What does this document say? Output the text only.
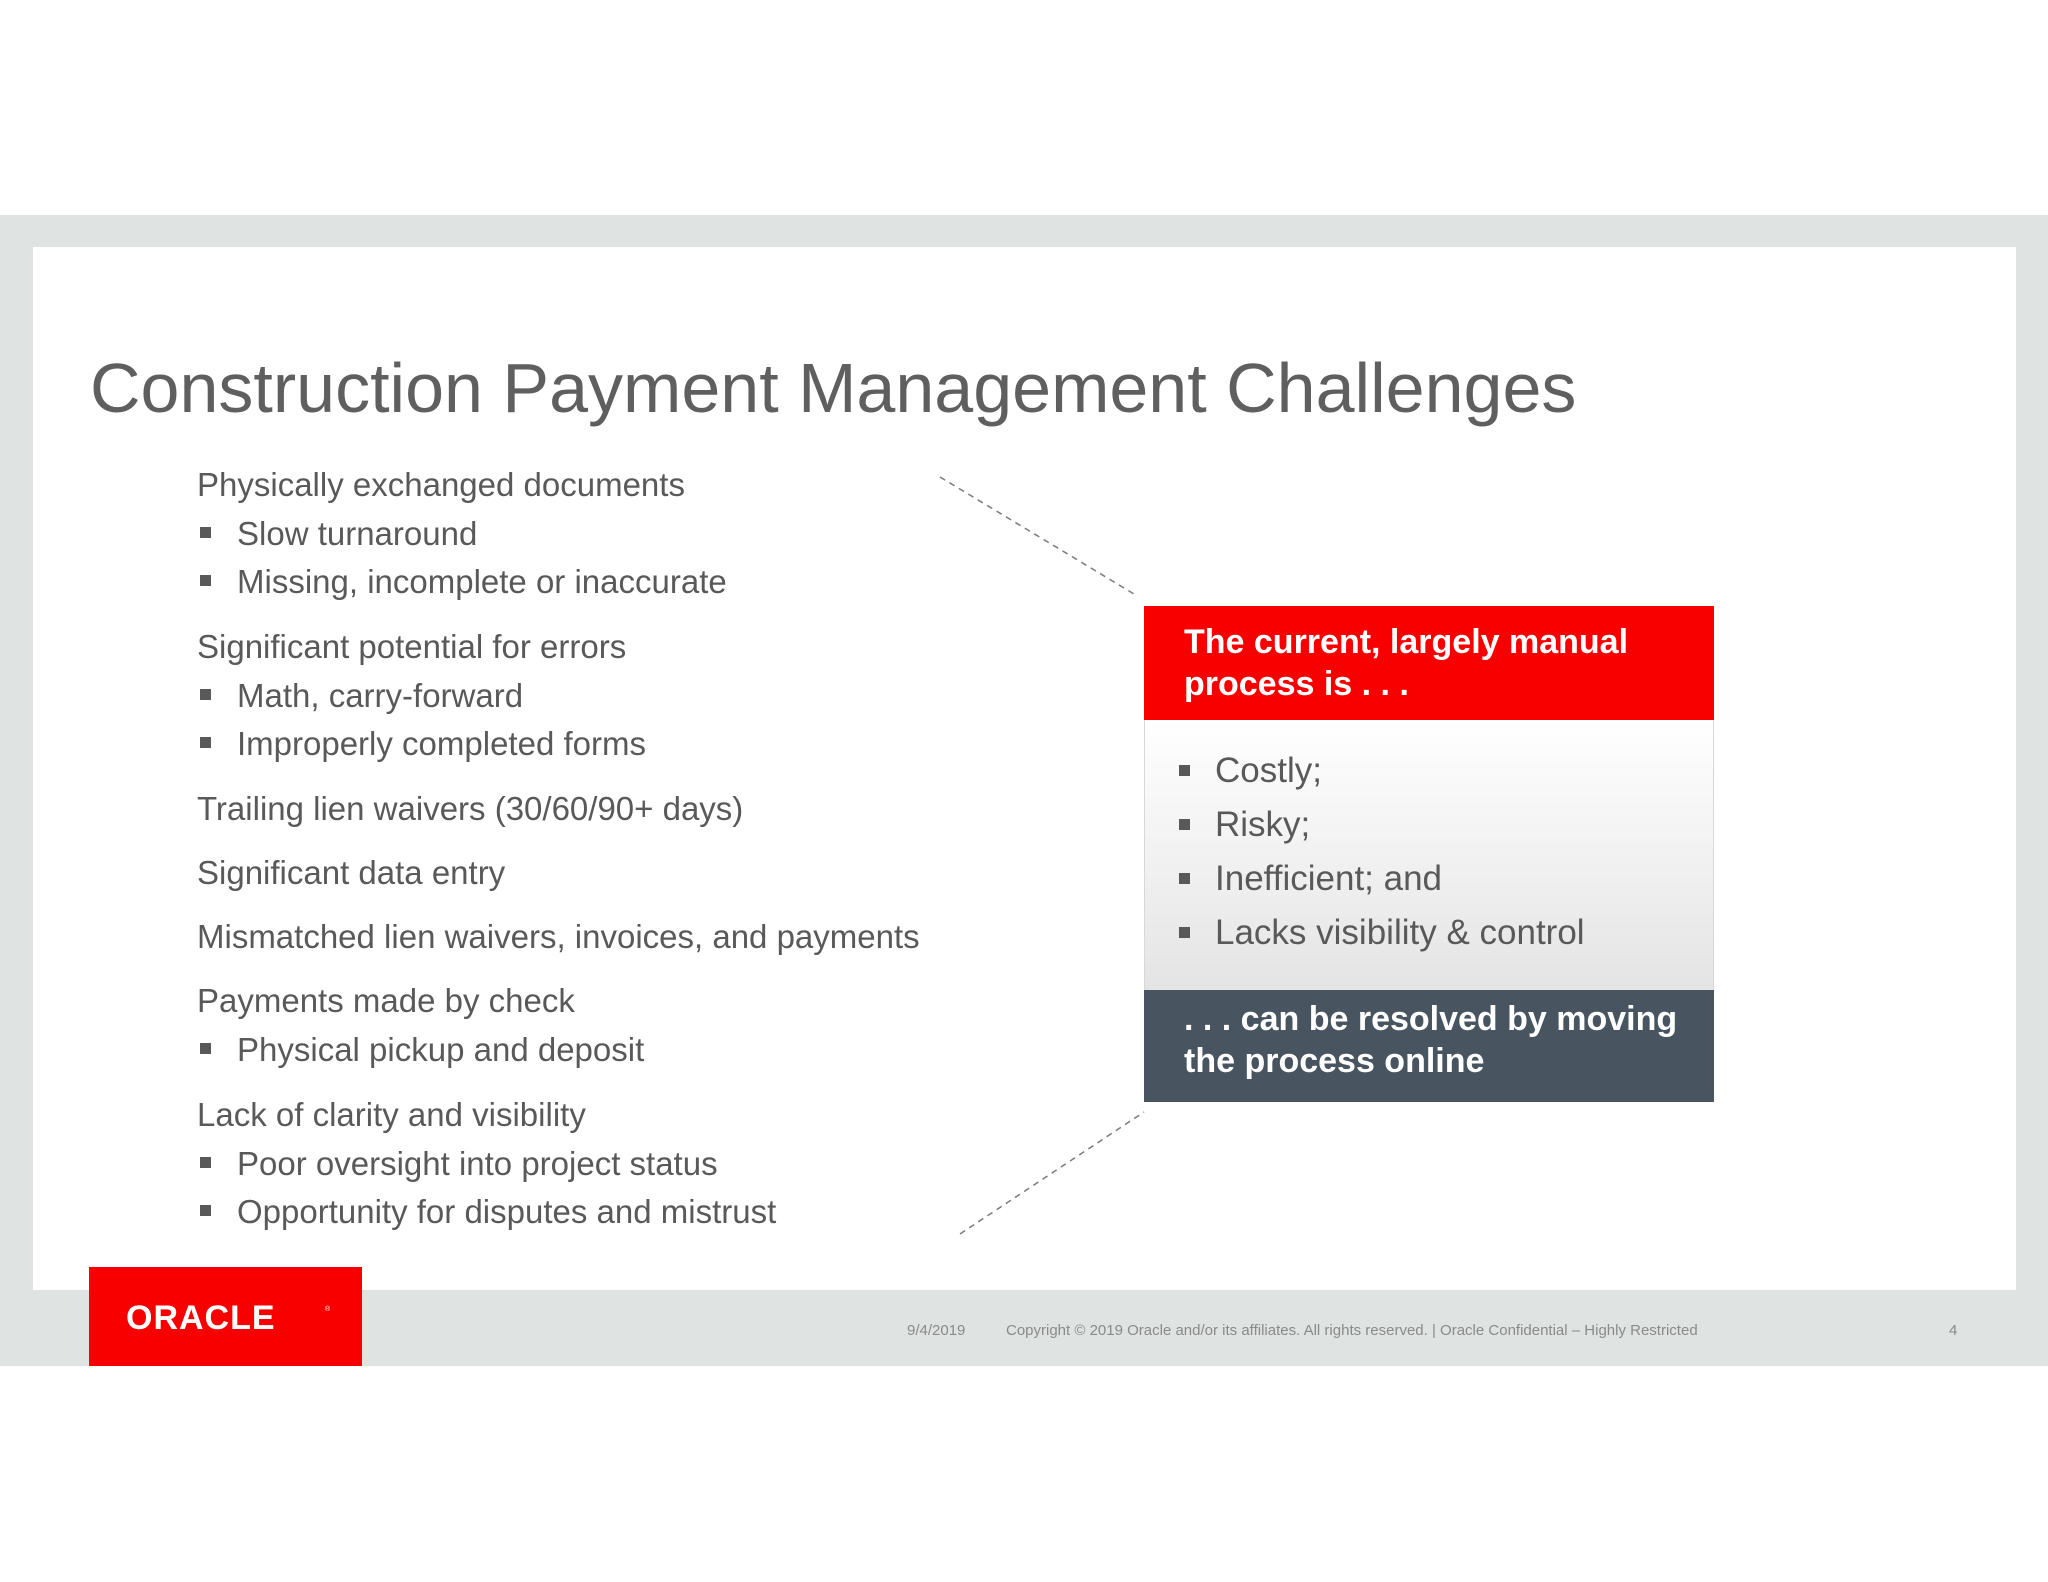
Construction Payment Management Challenges
Physically exchanged documents
Slow turnaround
Missing, incomplete or inaccurate
Significant potential for errors
Math, carry-forward
Improperly completed forms
Trailing lien waivers (30/60/90+ days)
Significant data entry
Mismatched lien waivers, invoices, and payments
Payments made by check
Physical pickup and deposit
Lack of clarity and visibility
Poor oversight into project status
Opportunity for disputes and mistrust
The current, largely manual process is . . .
Costly;
Risky;
Inefficient; and
Lacks visibility & control
. . . can be resolved by moving the process online
ORACLE	®
9/4/2019	Copyright © 2019 Oracle and/or its affiliates. All rights reserved. | Oracle Confidential – Highly Restricted	4
